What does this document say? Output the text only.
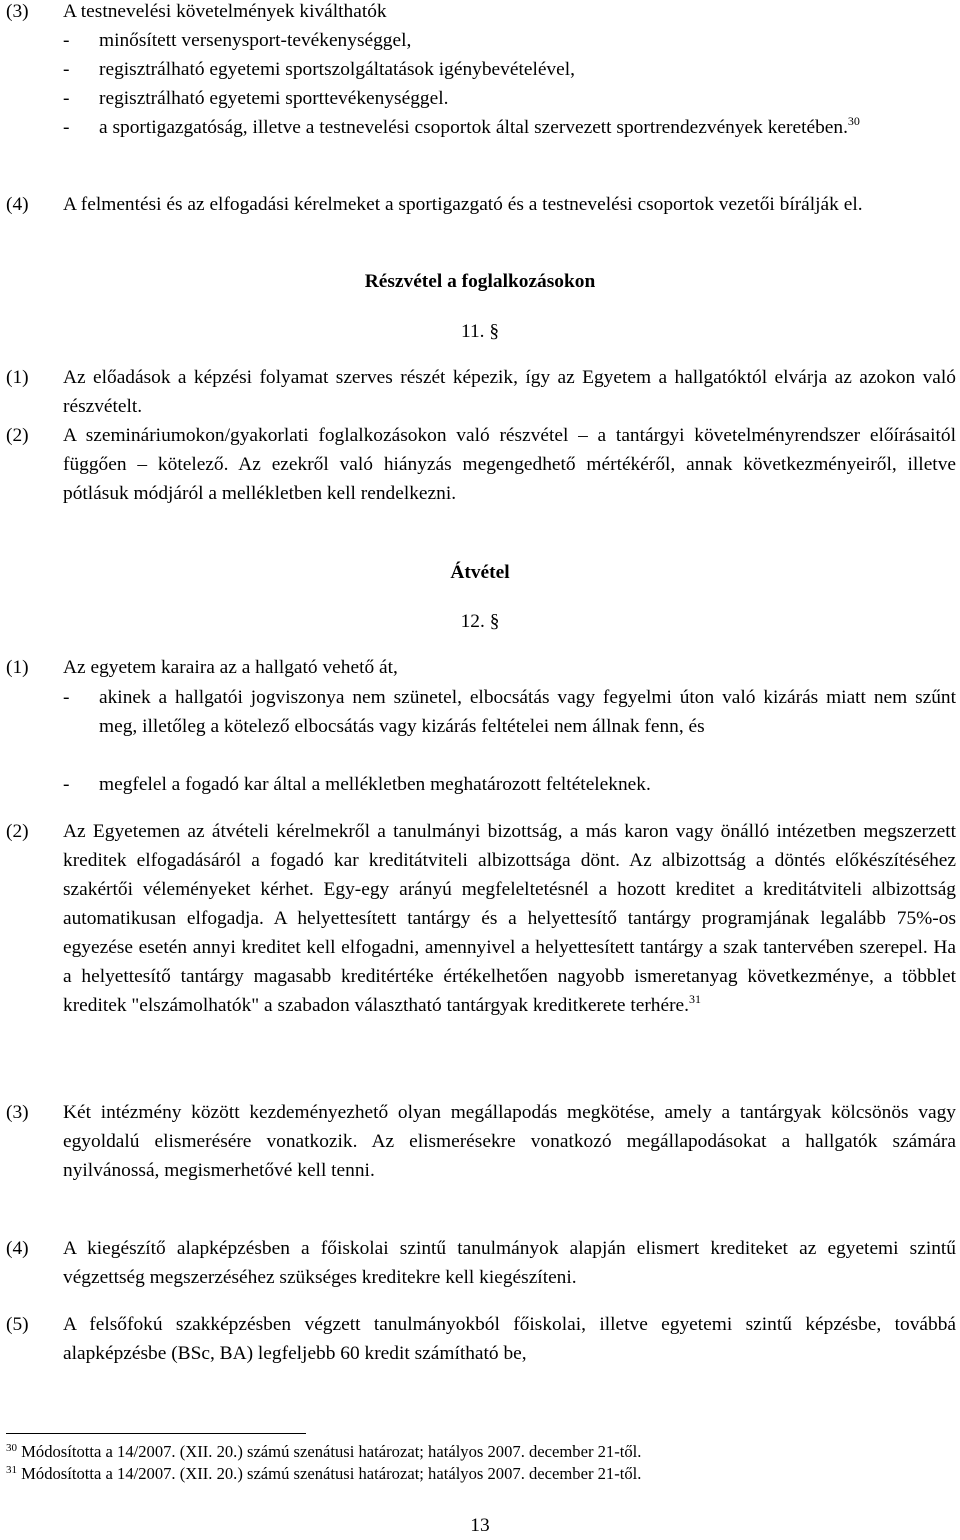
(3) A testnevelési követelmények kiválthatók
- minősített versenysport-tevékenységgel,
- regisztrálható egyetemi sportszolgáltatások igénybevételével,
- regisztrálható egyetemi sporttevékenységgel.
- a sportigazgatóság, illetve a testnevelési csoportok által szervezett sportrendezvények keretében.$^{30}$
(4) A felmentési és az elfogadási kérelmeket a sportigazgató és a testnevelési csoportok vezetői bírálják el.
Részvétel a foglalkozásokon
11. §
(1) Az előadások a képzési folyamat szerves részét képezik, így az Egyetem a hallgatóktól elvárja az azokon való részvételt.
(2) A szemináriumokon/gyakorlati foglalkozásokon való részvétel – a tantárgyi követelményrendszer előírásaitól függően – kötelező. Az ezekről való hiányzás megengedhető mértékéről, annak következményeiről, illetve pótlásuk módjáról a mellékletben kell rendelkezni.
Átvétel
12. §
(1) Az egyetem karaira az a hallgató vehető át,
- akinek a hallgatói jogviszonya nem szünetel, elbocsátás vagy fegyelmi úton való kizárás miatt nem szűnt meg, illetőleg a kötelező elbocsátás vagy kizárás feltételei nem állnak fenn, és
- megfelel a fogadó kar által a mellékletben meghatározott feltételeknek.
(2) Az Egyetemen az átvételi kérelmekről a tanulmányi bizottság, a más karon vagy önálló intézetben megszerzett kreditek elfogadásáról a fogadó kar kreditátviteli albizottsága dönt. Az albizottság a döntés előkészítéséhez szakértői véleményeket kérhet. Egy-egy arányú megfeleltetésnél a hozott kreditet a kreditátviteli albizottság automatikusan elfogadja. A helyettesített tantárgy és a helyettesítő tantárgy programjának legalább 75%-os egyezése esetén annyi kreditet kell elfogadni, amennyivel a helyettesített tantárgy a szak tantervében szerepel. Ha a helyettesítő tantárgy magasabb kreditértéke értékelhetően nagyobb ismeretanyag következménye, a többlet kreditek "elszámolhatók" a szabadon választható tantárgyak kreditkerete terhére.$^{31}$
(3) Két intézmény között kezdeményezhető olyan megállapodás megkötése, amely a tantárgyak kölcsönös vagy egyoldalú elismerésére vonatkozik. Az elismerésekre vonatkozó megállapodásokat a hallgatók számára nyilvánossá, megismerhetővé kell tenni.
(4) A kiegészítő alapképzésben a főiskolai szintű tanulmányok alapján elismert krediteket az egyetemi szintű végzettség megszerzéséhez szükséges kreditekre kell kiegészíteni.
(5) A felsőfokú szakképzésben végzett tanulmányokból főiskolai, illetve egyetemi szintű képzésbe, továbbá alapképzésbe (BSc, BA) legfeljebb 60 kredit számítható be,
$^{30}$ Módosította a 14/2007. (XII. 20.) számú szenátusi határozat; hatályos 2007. december 21-től.
$^{31}$ Módosította a 14/2007. (XII. 20.) számú szenátusi határozat; hatályos 2007. december 21-től.
13
